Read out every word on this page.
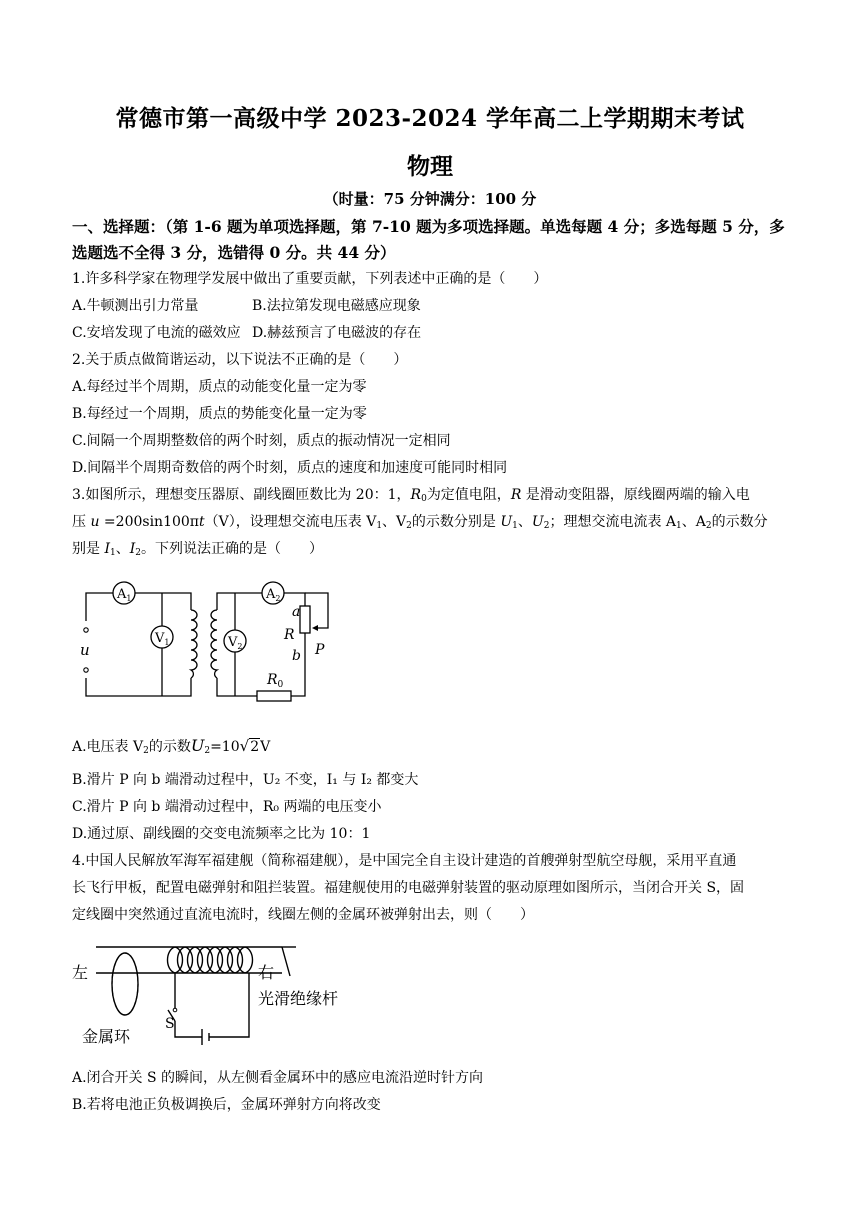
常德市第一高级中学 2023-2024 学年高二上学期期末考试
物理
（时量：75 分钟满分：100 分
一、选择题：（第 1-6 题为单项选择题，第 7-10 题为多项选择题。单选每题 4 分；多选每题 5 分，多选题选不全得 3 分，选错得 0 分。共 44 分）
1.许多科学家在物理学发展中做出了重要贡献，下列表述中正确的是（　　）
A.牛顿测出引力常量	B.法拉第发现电磁感应现象
C.安培发现了电流的磁效应 D.赫兹预言了电磁波的存在
2.关于质点做简谐运动，以下说法不正确的是（　　）
A.每经过半个周期，质点的动能变化量一定为零
B.每经过一个周期，质点的势能变化量一定为零
C.间隔一个周期整数倍的两个时刻，质点的振动情况一定相同
D.间隔半个周期奇数倍的两个时刻，质点的速度和加速度可能同时相同
3.如图所示，理想变压器原、副线圈匝数比为 20：1，$R_0$为定值电阻，R 是滑动变阻器，原线圈两端的输入电
压 u =200sin100πt（V），设理想交流电压表 $V_1$、$V_2$的示数分别是 $U_1$、$U_2$；理想交流电流表 $A_1$、$A_2$的示数分
别是 $I_1$、$I_2$。下列说法正确的是（　　）
$A_1$
$V_1$
$A_2$
$V_2$
u
a
R
b P
$R_0$
A.电压表 $V_2$的示数$U_2=10√2V$
B.滑片 P 向 b 端滑动过程中，U₂ 不变，I₁ 与 I₂ 都变大
C.滑片 P 向 b 端滑动过程中，R₀ 两端的电压变小
D.通过原、副线圈的交变电流频率之比为 10：1
4.中国人民解放军海军福建舰（简称福建舰），是中国完全自主设计建造的首艘弹射型航空母舰，采用平直通
长飞行甲板，配置电磁弹射和阻拦装置。福建舰使用的电磁弹射装置的驱动原理如图所示，当闭合开关 S，固
定线圈中突然通过直流电流时，线圈左侧的金属环被弹射出去，则（　　）
左	右
光滑绝缘杆
金属环
S
A.闭合开关 S 的瞬间，从左侧看金属环中的感应电流沿逆时针方向
B.若将电池正负极调换后，金属环弹射方向将改变
